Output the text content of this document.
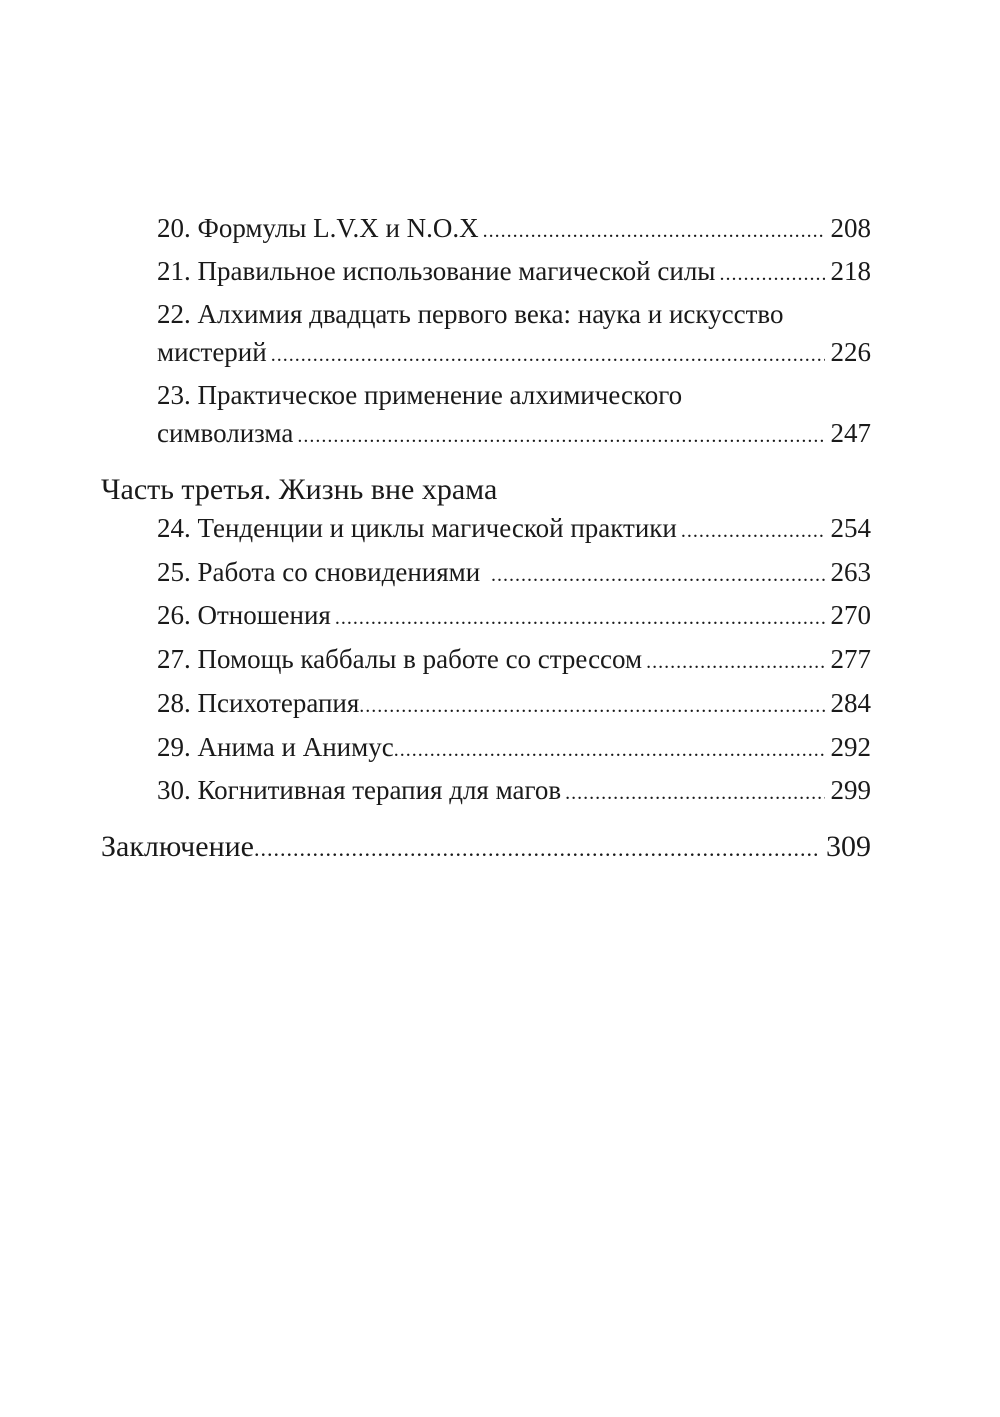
20. Формулы L.V.X и N.O.X .....	208
21. Правильное использование магической силы .....	218
22. Алхимия двадцать первого века: наука и искусство
мистерий .....	226
23. Практическое применение алхимического
символизма .....	247
Часть третья. Жизнь вне храма
24. Тенденции и циклы магической практики .....	254
25. Работа со сновидениями .....	263
26. Отношения .....	270
27. Помощь каббалы в работе со стрессом .....	277
28. Психотерапия .....	284
29. Анима и Анимус .....	292
30. Когнитивная терапия для магов .....	299
Заключение .....	309
